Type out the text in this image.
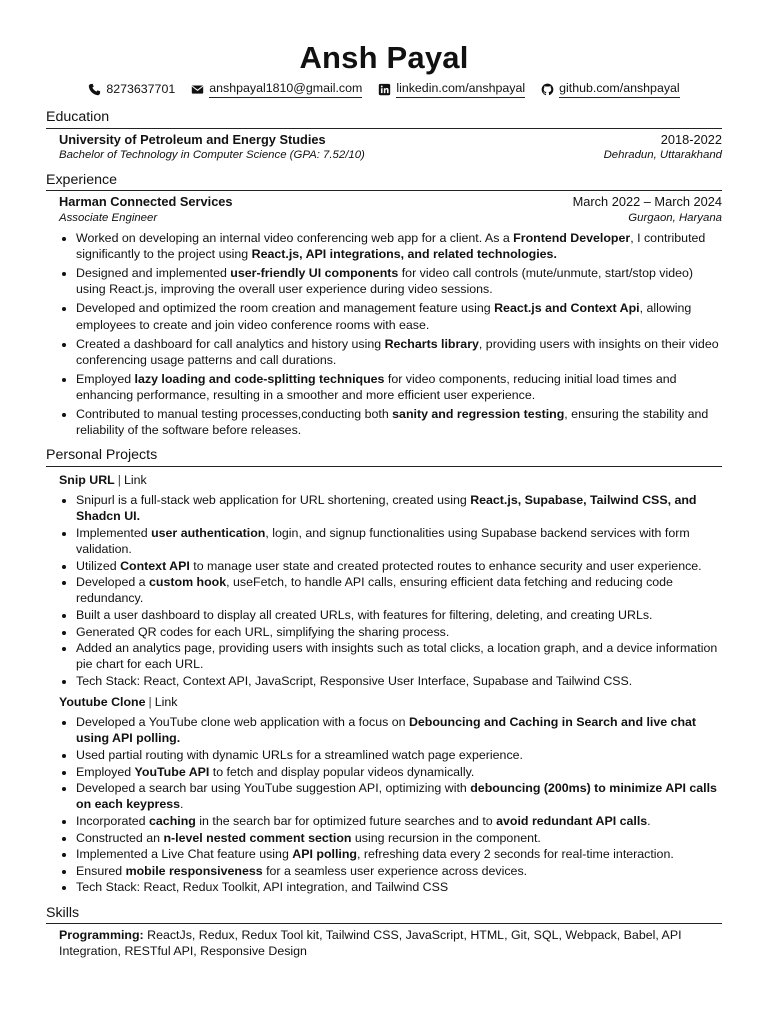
Ansh Payal
8273637701	anshpayal1810@gmail.com	linkedin.com/anshpayal	github.com/anshpayal
Education
University of Petroleum and Energy Studies	2018-2022
Bachelor of Technology in Computer Science (GPA: 7.52/10)	Dehradun, Uttarakhand
Experience
Harman Connected Services	March 2022 – March 2024
Associate Engineer	Gurgaon, Haryana
• Worked on developing an internal video conferencing web app for a client. As a Frontend Developer, I contributed significantly to the project using React.js, API integrations, and related technologies.
• Designed and implemented user-friendly UI components for video call controls (mute/unmute, start/stop video) using React.js, improving the overall user experience during video sessions.
• Developed and optimized the room creation and management feature using React.js and Context Api, allowing employees to create and join video conference rooms with ease.
• Created a dashboard for call analytics and history using Recharts library, providing users with insights on their video conferencing usage patterns and call durations.
• Employed lazy loading and code-splitting techniques for video components, reducing initial load times and enhancing performance, resulting in a smoother and more efficient user experience.
• Contributed to manual testing processes,conducting both sanity and regression testing, ensuring the stability and reliability of the software before releases.
Personal Projects
Snip URL | Link
• Snipurl is a full-stack web application for URL shortening, created using React.js, Supabase, Tailwind CSS, and Shadcn UI.
• Implemented user authentication, login, and signup functionalities using Supabase backend services with form validation.
• Utilized Context API to manage user state and created protected routes to enhance security and user experience.
• Developed a custom hook, useFetch, to handle API calls, ensuring efficient data fetching and reducing code redundancy.
• Built a user dashboard to display all created URLs, with features for filtering, deleting, and creating URLs.
• Generated QR codes for each URL, simplifying the sharing process.
• Added an analytics page, providing users with insights such as total clicks, a location graph, and a device information pie chart for each URL.
• Tech Stack: React, Context API, JavaScript, Responsive User Interface, Supabase and Tailwind CSS.
Youtube Clone | Link
• Developed a YouTube clone web application with a focus on Debouncing and Caching in Search and live chat using API polling.
• Used partial routing with dynamic URLs for a streamlined watch page experience.
• Employed YouTube API to fetch and display popular videos dynamically.
• Developed a search bar using YouTube suggestion API, optimizing with debouncing (200ms) to minimize API calls on each keypress.
• Incorporated caching in the search bar for optimized future searches and to avoid redundant API calls.
• Constructed an n-level nested comment section using recursion in the component.
• Implemented a Live Chat feature using API polling, refreshing data every 2 seconds for real-time interaction.
• Ensured mobile responsiveness for a seamless user experience across devices.
• Tech Stack: React, Redux Toolkit, API integration, and Tailwind CSS
Skills
Programming: ReactJs, Redux, Redux Tool kit, Tailwind CSS, JavaScript, HTML, Git, SQL, Webpack, Babel, API Integration, RESTful API, Responsive Design
